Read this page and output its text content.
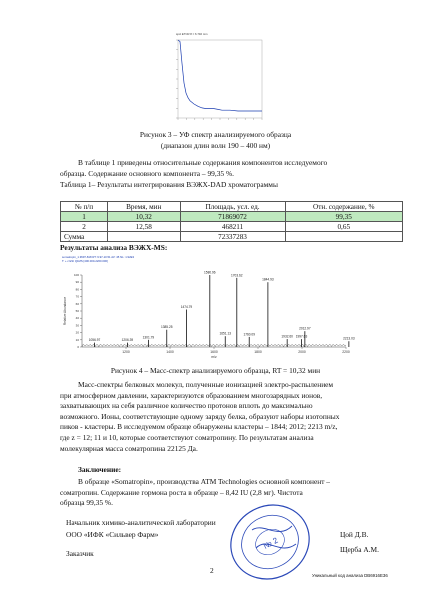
spct ETCR 8 = 6.740 mm
Рисунок 3 – УФ спектр анализируемого образца
(диапазон длин волн 190 – 400 нм)
В таблице 1 приведены относительные содержания компонентов исследуемого
образца. Содержание основного компонента – 99,35 %.
Таблица 1– Результаты интегрирования ВЭЖХ-DAD хроматограммы
№ п/п	Время, мин	Площадь, усл. ед.	Отн. содержание, %
1	10,32	71869072	99,35
2	12,58	468211	0,65
Сумма		72337283	
Результаты анализа ВЭЖХ-MS:
somatropin_1 #697-818 RT: 9.97-10.51 AV: 45 NL: 1.92E3
T: + c ESI Q1MS [400.000-2200.000]
0
10
20
30
40
50
60
70
80
90
100
Relative Abundance
1200	1400	1600	1800	2000	2200
m/z
1056.97	1206.39
1301.79
1385.25
1474.79
1580.96
1651.13
1703.62
1760.09
1844.93
1932.60 1997.63
2012.97
2213.03
Рисунок 4 – Масс-спектр анализируемого образца, RT = 10,32 мин
Масс-спектры белковых молекул, полученные ионизацией электро-распылением
при атмосферном давлении, характеризуются образованием многозарядных ионов,
захватывающих на себя различное количество протонов вплоть до максимально
возможного. Ионы, соответствующие одному заряду белка, образуют наборы изотопных
пиков - кластеры. В исследуемом образце обнаружены кластеры – 1844; 2012; 2213 m/z,
где z = 12; 11 и 10, которые соответствуют соматропину. По результатам анализа
молекулярная масса соматропина 22125 Да.
Заключение:
В образце «Somatropin», производства ATM Technologies основной компонент –
соматропин. Содержание гормона роста в образце – 8,42 IU (2,8 мг). Чистота
образца 99,35 %.
Начальник химико-аналитической лаборатории
ООО «ИФК «Сильвер Фарм»	Цой Д.В.
Заказчик	Щерба А.М.
№ 2
2
Уникальный код анализа DB6916E36
